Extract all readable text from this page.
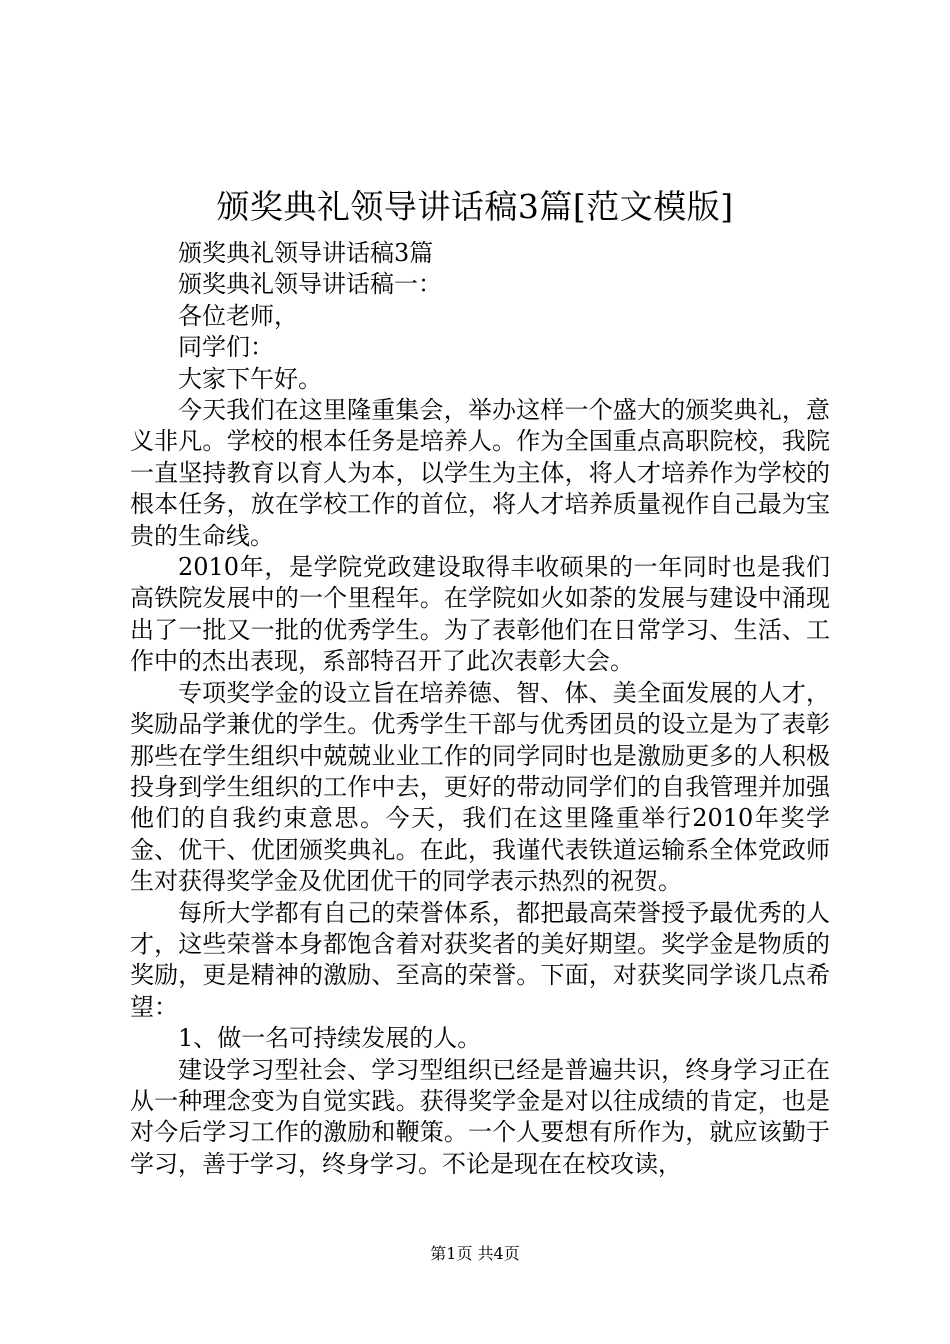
颁奖典礼领导讲话稿3篇[范文模版]

颁奖典礼领导讲话稿3篇

颁奖典礼领导讲话稿一：

各位老师，

同学们：

大家下午好。

今天我们在这里隆重集会，举办这样一个盛大的颁奖典礼，意义非凡。学校的根本任务是培养人。作为全国重点高职院校，我院一直坚持教育以育人为本，以学生为主体，将人才培养作为学校的根本任务，放在学校工作的首位，将人才培养质量视作自己最为宝贵的生命线。

2010年，是学院党政建设取得丰收硕果的一年同时也是我们高铁院发展中的一个里程年。在学院如火如荼的发展与建设中涌现出了一批又一批的优秀学生。为了表彰他们在日常学习、生活、工作中的杰出表现，系部特召开了此次表彰大会。

专项奖学金的设立旨在培养德、智、体、美全面发展的人才，奖励品学兼优的学生。优秀学生干部与优秀团员的设立是为了表彰那些在学生组织中兢兢业业工作的同学同时也是激励更多的人积极投身到学生组织的工作中去，更好的带动同学们的自我管理并加强他们的自我约束意思。今天，我们在这里隆重举行2010年奖学金、优干、优团颁奖典礼。在此，我谨代表铁道运输系全体党政师生对获得奖学金及优团优干的同学表示热烈的祝贺。

每所大学都有自己的荣誉体系，都把最高荣誉授予最优秀的人才，这些荣誉本身都饱含着对获奖者的美好期望。奖学金是物质的奖励，更是精神的激励、至高的荣誉。下面，对获奖同学谈几点希望：

1、做一名可持续发展的人。

建设学习型社会、学习型组织已经是普遍共识，终身学习正在从一种理念变为自觉实践。获得奖学金是对以往成绩的肯定，也是对今后学习工作的激励和鞭策。一个人要想有所作为，就应该勤于学习，善于学习，终身学习。不论是现在在校攻读，

第1页 共4页
